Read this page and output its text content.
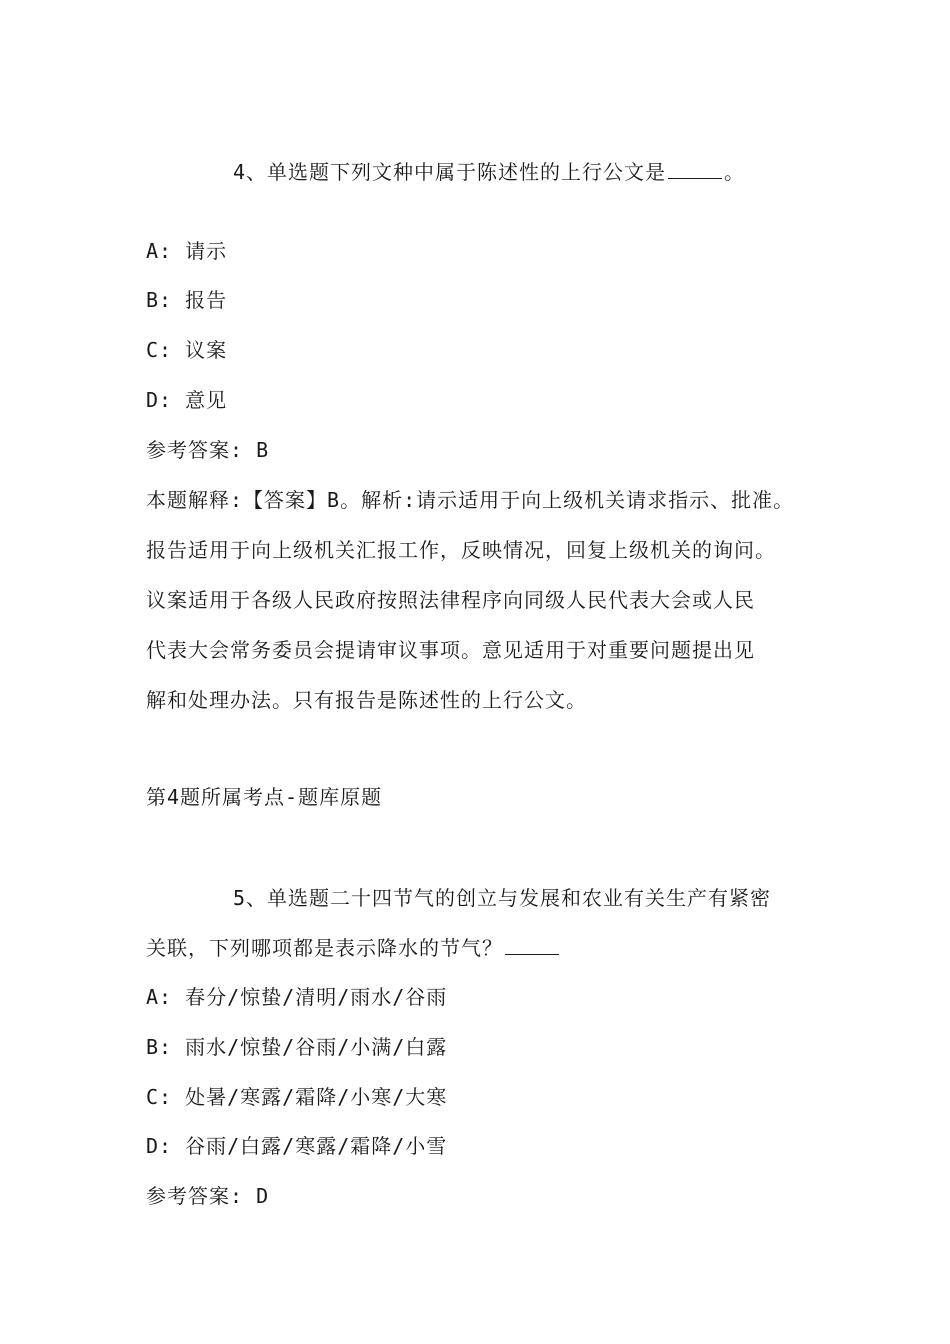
4、单选题下列文种中属于陈述性的上行公文是	。
A: 请示
B: 报告
C: 议案
D: 意见
参考答案: B
本题解释:【答案】B。解析:请示适用于向上级机关请求指示、批准。
报告适用于向上级机关汇报工作，反映情况，回复上级机关的询问。
议案适用于各级人民政府按照法律程序向同级人民代表大会或人民
代表大会常务委员会提请审议事项。意见适用于对重要问题提出见
解和处理办法。只有报告是陈述性的上行公文。
第4题所属考点-题库原题
5、单选题二十四节气的创立与发展和农业有关生产有紧密
关联，下列哪项都是表示降水的节气？
A: 春分/惊蛰/清明/雨水/谷雨
B: 雨水/惊蛰/谷雨/小满/白露
C: 处暑/寒露/霜降/小寒/大寒
D: 谷雨/白露/寒露/霜降/小雪
参考答案: D
